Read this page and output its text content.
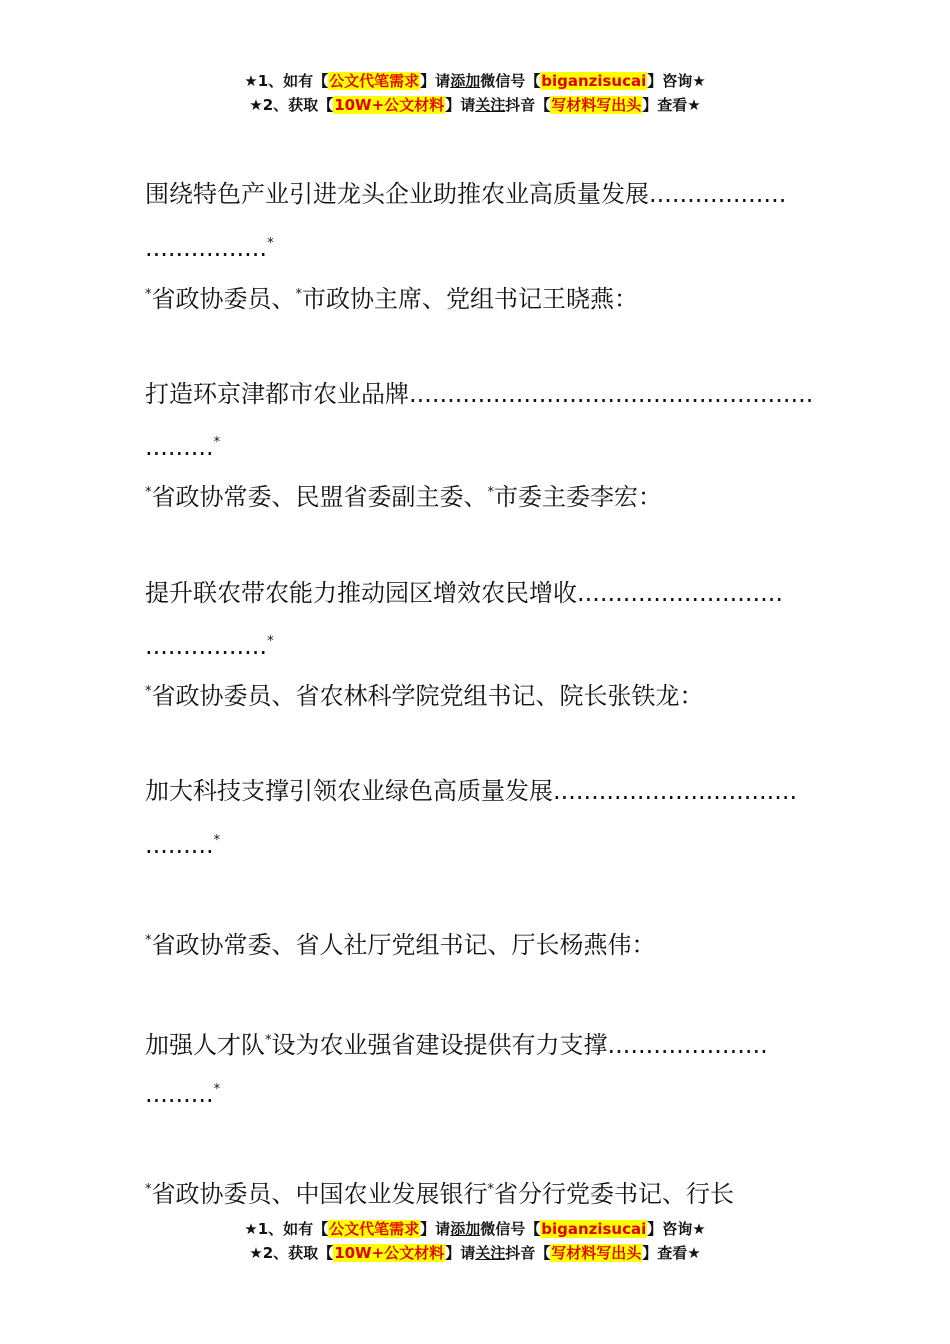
★1、如有【公文代笔需求】请添加微信号【biganzisucai】咨询★
★2、获取【10W+公文材料】请关注抖音【写材料写出头】查看★
围绕特色产业引进龙头企业助推农业高质量发展..................
................*
*省政协委员、*市政协主席、党组书记王晓燕：
打造环京津都市农业品牌.....................................................
.........*
*省政协常委、民盟省委副主委、*市委主委李宏：
提升联农带农能力推动园区增效农民增收...........................
................*
*省政协委员、省农林科学院党组书记、院长张铁龙：
加大科技支撑引领农业绿色高质量发展................................
.........*
*省政协常委、省人社厅党组书记、厅长杨燕伟：
加强人才队*设为农业强省建设提供有力支撑.....................
.........*
*省政协委员、中国农业发展银行*省分行党委书记、行长
★1、如有【公文代笔需求】请添加微信号【biganzisucai】咨询★
★2、获取【10W+公文材料】请关注抖音【写材料写出头】查看★
